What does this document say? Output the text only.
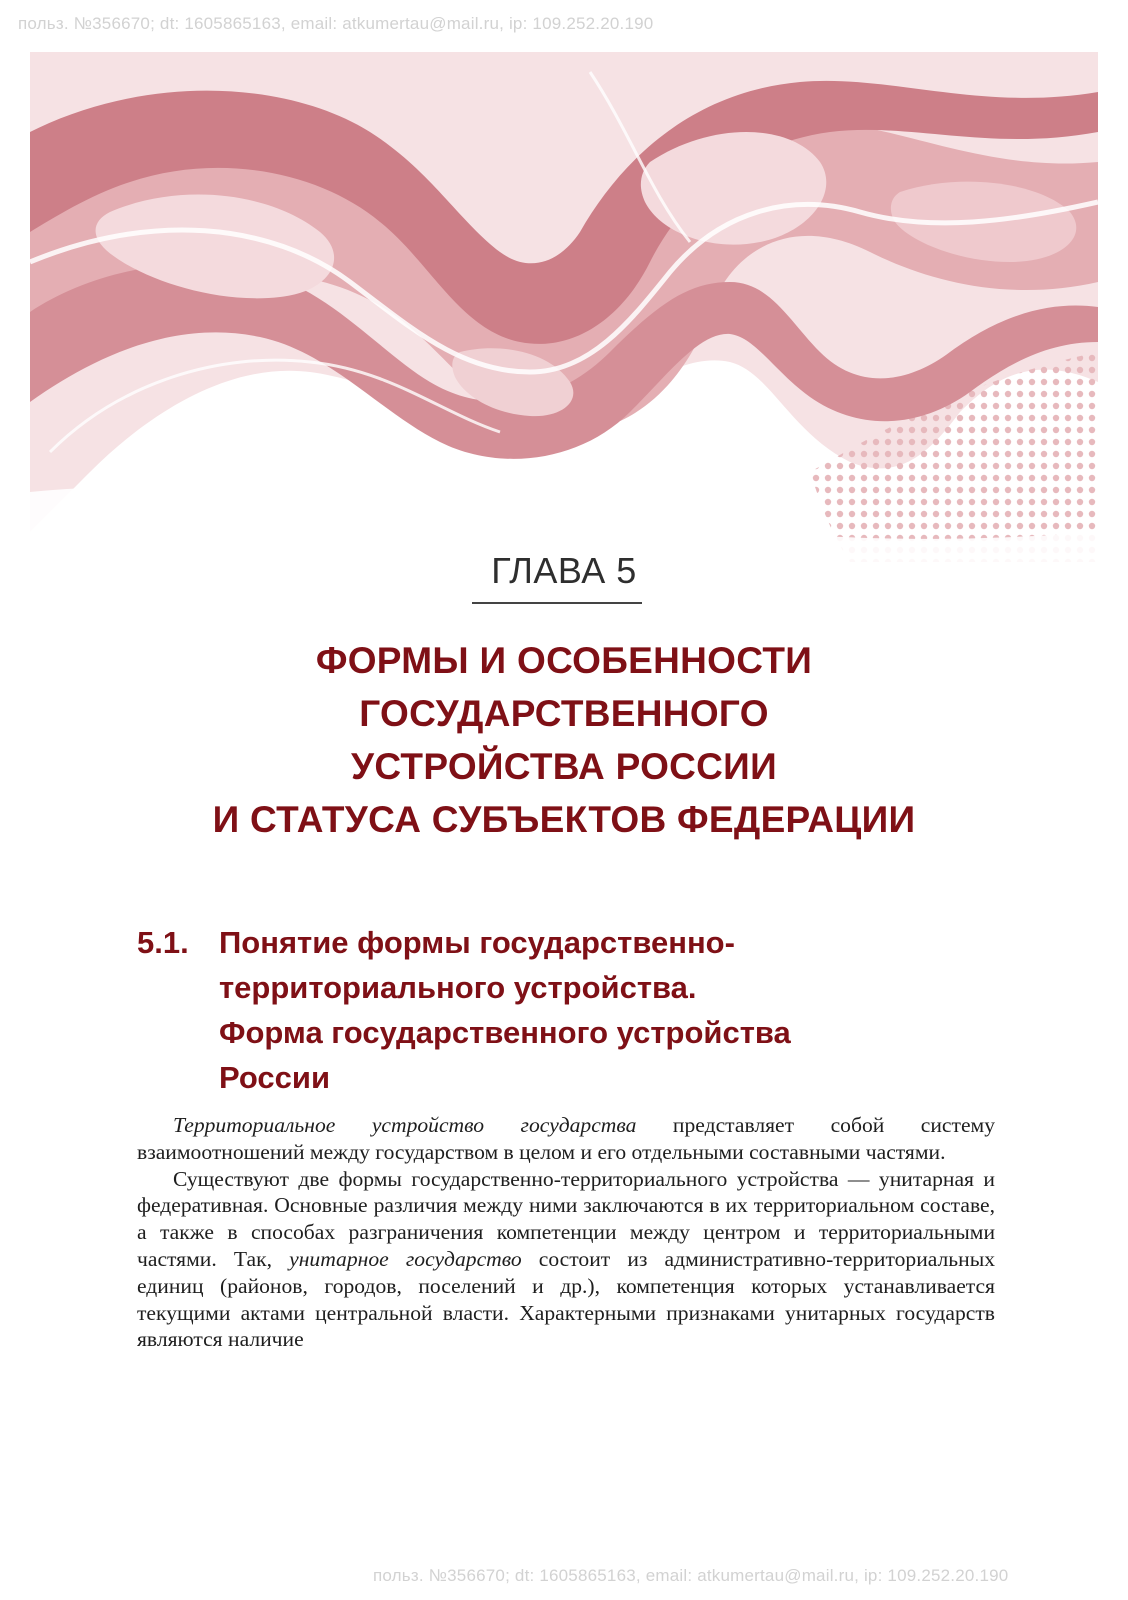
польз. №356670; dt: 1605865163, email: atkumertau@mail.ru, ip: 109.252.20.190
ГЛАВА 5
ФОРМЫ И ОСОБЕННОСТИ
ГОСУДАРСТВЕННОГО
УСТРОЙСТВА РОССИИ
И СТАТУСА СУБЪЕКТОВ ФЕДЕРАЦИИ
5.1. Понятие формы государственно-
территориального устройства.
Форма государственного устройства
России

Территориальное устройство государства представляет собой систему взаимоотношений между государством в целом и его отдельными составными частями.

Существуют две формы государственно-территориального устройства — унитарная и федеративная. Основные различия между ними заключаются в их территориальном составе, а также в способах разграничения компетенции между центром и территориальными частями. Так, унитарное государство состоит из административно-территориальных единиц (районов, городов, поселений и др.), компетенция которых устанавливается текущими актами центральной власти. Характерными признаками унитарных государств являются наличие

польз. №356670; dt: 1605865163, email: atkumertau@mail.ru, ip: 109.252.20.190
